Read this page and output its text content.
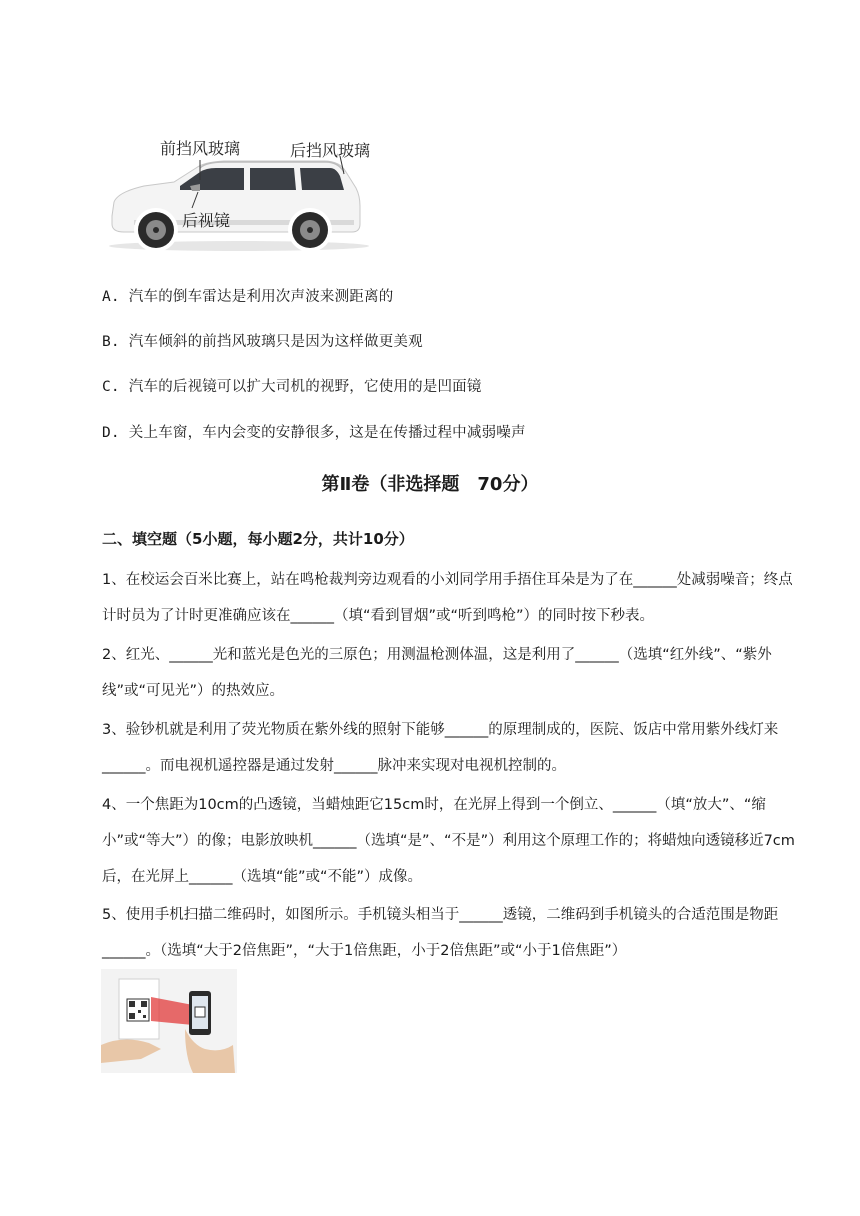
前挡风玻璃	后挡风玻璃
后视镜
A. 汽车的倒车雷达是利用次声波来测距离的
B. 汽车倾斜的前挡风玻璃只是因为这样做更美观
C. 汽车的后视镜可以扩大司机的视野，它使用的是凹面镜
D. 关上车窗，车内会变的安静很多，这是在传播过程中减弱噪声
第Ⅱ卷（非选择题　70分）
二、填空题（5小题，每小题2分，共计10分）
1、在校运会百米比赛上，站在鸣枪裁判旁边观看的小刘同学用手捂住耳朵是为了在______处减弱噪音；终点计时员为了计时更准确应该在______（填“看到冒烟”或“听到鸣枪”）的同时按下秒表。
2、红光、______光和蓝光是色光的三原色；用测温枪测体温，这是利用了______（选填“红外线”、“紫外线”或“可见光”）的热效应。
3、验钞机就是利用了荧光物质在紫外线的照射下能够______的原理制成的，医院、饭店中常用紫外线灯来______。而电视机遥控器是通过发射______脉冲来实现对电视机控制的。
4、一个焦距为10cm的凸透镜，当蜡烛距它15cm时，在光屏上得到一个倒立、______（填“放大”、“缩小”或“等大”）的像；电影放映机______（选填“是”、“不是”）利用这个原理工作的；将蜡烛向透镜移近7cm后，在光屏上______（选填“能”或“不能”）成像。
5、使用手机扫描二维码时，如图所示。手机镜头相当于______透镜，二维码到手机镜头的合适范围是物距______。（选填“大于2倍焦距”，“大于1倍焦距，小于2倍焦距”或“小于1倍焦距”）
